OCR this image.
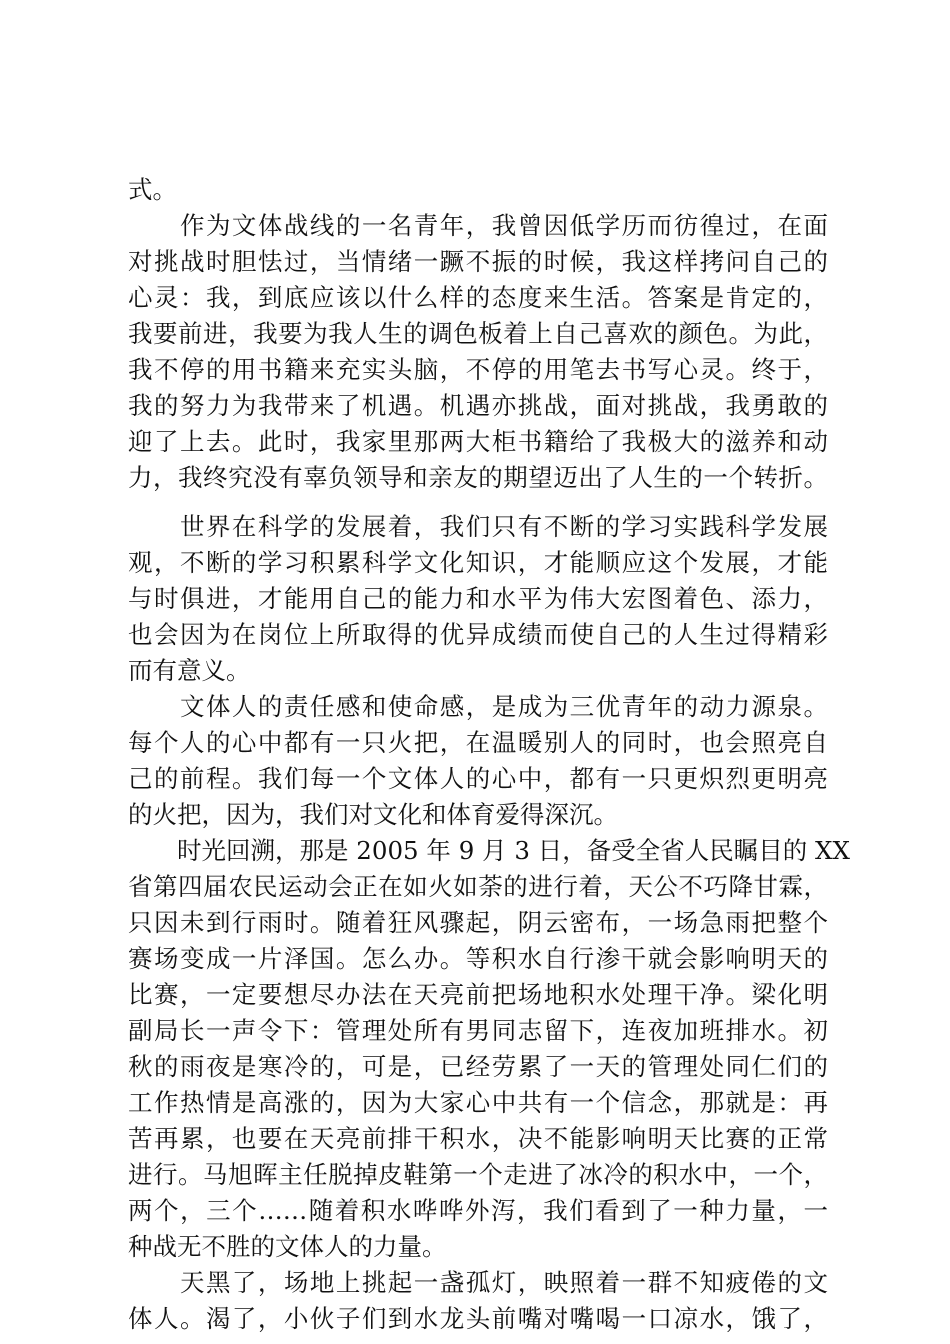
式。
　　作为文体战线的一名青年，我曾因低学历而彷徨过，在面
对挑战时胆怯过，当情绪一蹶不振的时候，我这样拷问自己的
心灵：我，到底应该以什么样的态度来生活。答案是肯定的，
我要前进，我要为我人生的调色板着上自己喜欢的颜色。为此，
我不停的用书籍来充实头脑，不停的用笔去书写心灵。终于，
我的努力为我带来了机遇。机遇亦挑战，面对挑战，我勇敢的
迎了上去。此时，我家里那两大柜书籍给了我极大的滋养和动
力，我终究没有辜负领导和亲友的期望迈出了人生的一个转折。
　　世界在科学的发展着，我们只有不断的学习实践科学发展
观，不断的学习积累科学文化知识，才能顺应这个发展，才能
与时俱进，才能用自己的能力和水平为伟大宏图着色、添力，
也会因为在岗位上所取得的优异成绩而使自己的人生过得精彩
而有意义。
　　文体人的责任感和使命感，是成为三优青年的动力源泉。
每个人的心中都有一只火把，在温暖别人的同时，也会照亮自
己的前程。我们每一个文体人的心中，都有一只更炽烈更明亮
的火把，因为，我们对文化和体育爱得深沉。
　　时光回溯，那是 2005 年 9 月 3 日，备受全省人民瞩目的 XX
省第四届农民运动会正在如火如荼的进行着，天公不巧降甘霖，
只因未到行雨时。随着狂风骤起，阴云密布，一场急雨把整个
赛场变成一片泽国。怎么办。等积水自行渗干就会影响明天的
比赛，一定要想尽办法在天亮前把场地积水处理干净。梁化明
副局长一声令下：管理处所有男同志留下，连夜加班排水。初
秋的雨夜是寒冷的，可是，已经劳累了一天的管理处同仁们的
工作热情是高涨的，因为大家心中共有一个信念，那就是：再
苦再累，也要在天亮前排干积水，决不能影响明天比赛的正常
进行。马旭晖主任脱掉皮鞋第一个走进了冰冷的积水中，一个，
两个，三个……随着积水哗哗外泻，我们看到了一种力量，一
种战无不胜的文体人的力量。
　　天黑了，场地上挑起一盏孤灯，映照着一群不知疲倦的文
体人。渴了，小伙子们到水龙头前嘴对嘴喝一口凉水，饿了，
